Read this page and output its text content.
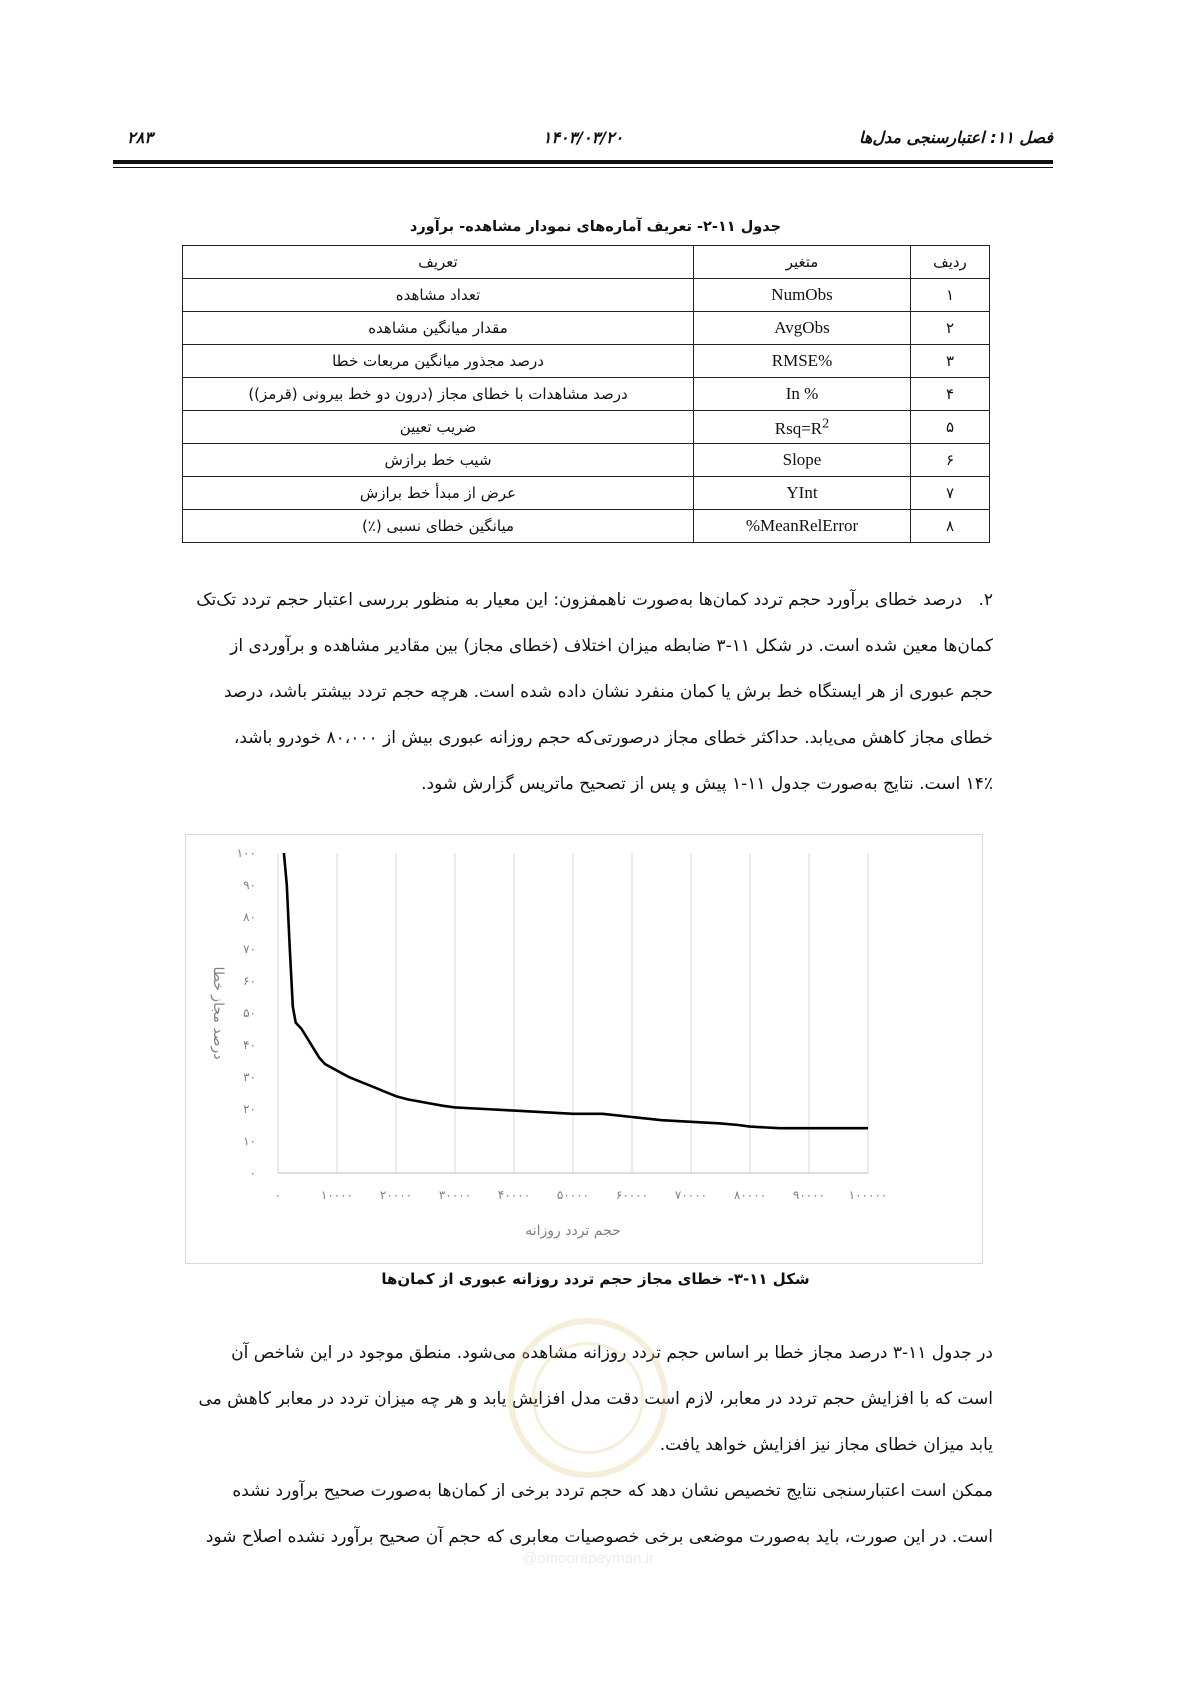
فصل ۱۱: اعتبارسنجی مدل‌ها
۱۴۰۳/۰۳/۲۰
۲۸۳
جدول ۱۱-۲- تعریف آماره‌های نمودار مشاهده- برآورد
ردیف	متغیر	تعریف
۱	NumObs	تعداد مشاهده
۲	AvgObs	مقدار میانگین مشاهده
۳	%RMSE	درصد مجذور میانگین مربعات خطا
۴	% In	درصد مشاهدات با خطای مجاز (درون دو خط بیرونی (قرمز))
۵	$Rsq=R^2$	ضریب تعیین
۶	Slope	شیب خط برازش
۷	YInt	عرض از مبدأ خط برازش
۸	MeanRelError%	میانگین خطای نسبی (٪)
۲.   درصد خطای برآورد حجم تردد کمان‌ها به‌صورت ناهمفزون: این معیار به منظور بررسی اعتبار حجم تردد تک‌تک
کمان‌ها معین شده است. در شکل ۱۱-۳ ضابطه میزان اختلاف (خطای مجاز) بین مقادیر مشاهده و برآوردی از
حجم عبوری از هر ایستگاه خط برش یا کمان منفرد نشان داده شده است. هرچه حجم تردد بیشتر باشد، درصد
خطای مجاز کاهش می‌یابد. حداکثر خطای مجاز درصورتی‌که حجم روزانه عبوری بیش از ۸۰،۰۰۰ خودرو باشد،
۱۴٪ است. نتایج به‌صورت جدول ۱۱-۱ پیش و پس از تصحیح ماتریس گزارش شود.
۰	۱۰۰۰۰ ۲۰۰۰۰ ۳۰۰۰۰ ۴۰۰۰۰ ۵۰۰۰۰ ۶۰۰۰۰ ۷۰۰۰۰ ۸۰۰۰۰ ۹۰۰۰۰ ۱۰۰۰۰۰
۰
۱۰
۲۰
۳۰
۴۰
۵۰
۶۰
۷۰
۸۰
۹۰
۱۰۰
حجم تردد روزانه
درصد مجاز خطا
شکل ۱۱-۳- خطای مجاز حجم تردد روزانه عبوری از کمان‌ها
در جدول ۱۱-۳ درصد مجاز خطا بر اساس حجم تردد روزانه مشاهده می‌شود. منطق موجود در این شاخص آن
است که با افزایش حجم تردد در معابر، لازم است دقت مدل افزایش یابد و هر چه میزان تردد در معابر کاهش می
یابد میزان خطای مجاز نیز افزایش خواهد یافت.
ممکن است اعتبارسنجی نتایج تخصیص نشان دهد که حجم تردد برخی از کمان‌ها به‌صورت صحیح برآورد نشده
است. در این صورت، باید به‌صورت موضعی برخی خصوصیات معابری که حجم آن صحیح برآورد نشده اصلاح شود
@omoorepeyman.ir
